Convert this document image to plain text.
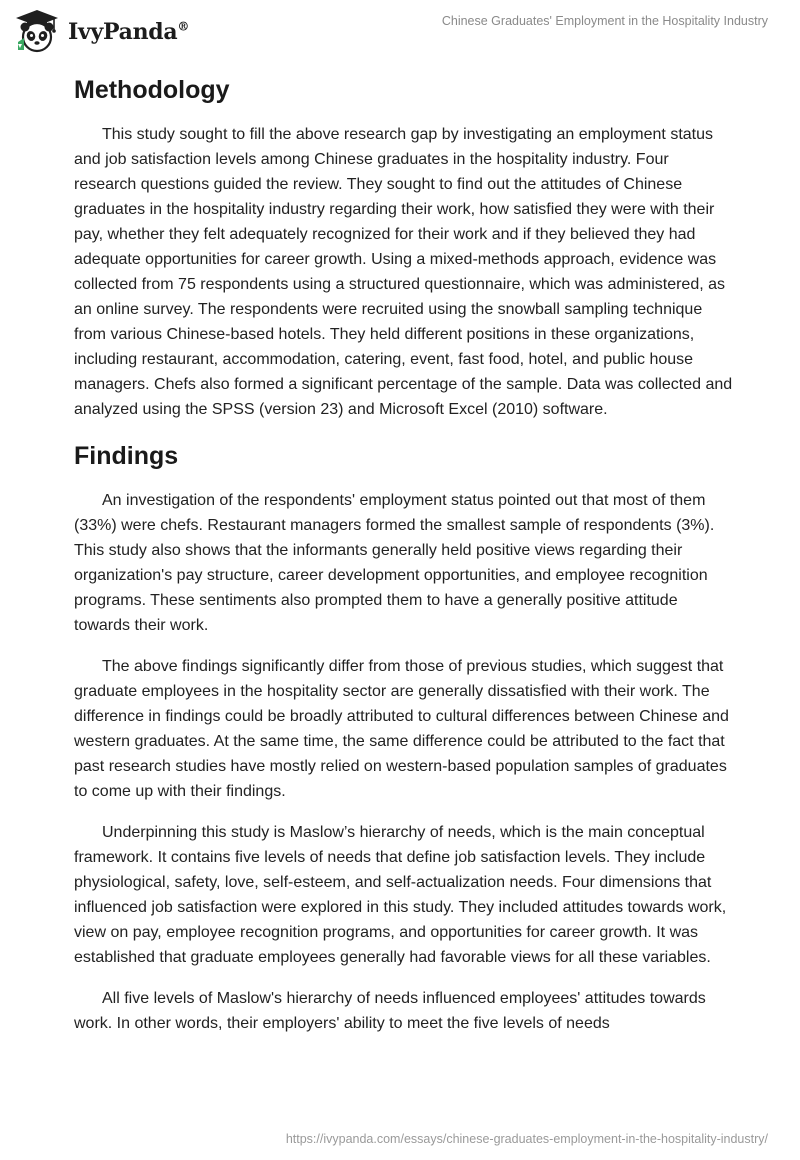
IvyPanda®	Chinese Graduates' Employment in the Hospitality Industry
Methodology

This study sought to fill the above research gap by investigating an employment status and job satisfaction levels among Chinese graduates in the hospitality industry. Four research questions guided the review. They sought to find out the attitudes of Chinese graduates in the hospitality industry regarding their work, how satisfied they were with their pay, whether they felt adequately recognized for their work and if they believed they had adequate opportunities for career growth. Using a mixed-methods approach, evidence was collected from 75 respondents using a structured questionnaire, which was administered, as an online survey. The respondents were recruited using the snowball sampling technique from various Chinese-based hotels. They held different positions in these organizations, including restaurant, accommodation, catering, event, fast food, hotel, and public house managers. Chefs also formed a significant percentage of the sample. Data was collected and analyzed using the SPSS (version 23) and Microsoft Excel (2010) software.

Findings

An investigation of the respondents' employment status pointed out that most of them (33%) were chefs. Restaurant managers formed the smallest sample of respondents (3%). This study also shows that the informants generally held positive views regarding their organization's pay structure, career development opportunities, and employee recognition programs. These sentiments also prompted them to have a generally positive attitude towards their work.

The above findings significantly differ from those of previous studies, which suggest that graduate employees in the hospitality sector are generally dissatisfied with their work. The difference in findings could be broadly attributed to cultural differences between Chinese and western graduates. At the same time, the same difference could be attributed to the fact that past research studies have mostly relied on western-based population samples of graduates to come up with their findings.

Underpinning this study is Maslow’s hierarchy of needs, which is the main conceptual framework. It contains five levels of needs that define job satisfaction levels. They include physiological, safety, love, self-esteem, and self-actualization needs. Four dimensions that influenced job satisfaction were explored in this study. They included attitudes towards work, view on pay, employee recognition programs, and opportunities for career growth. It was established that graduate employees generally had favorable views for all these variables.

All five levels of Maslow's hierarchy of needs influenced employees' attitudes towards work. In other words, their employers' ability to meet the five levels of needs

https://ivypanda.com/essays/chinese-graduates-employment-in-the-hospitality-industry/
